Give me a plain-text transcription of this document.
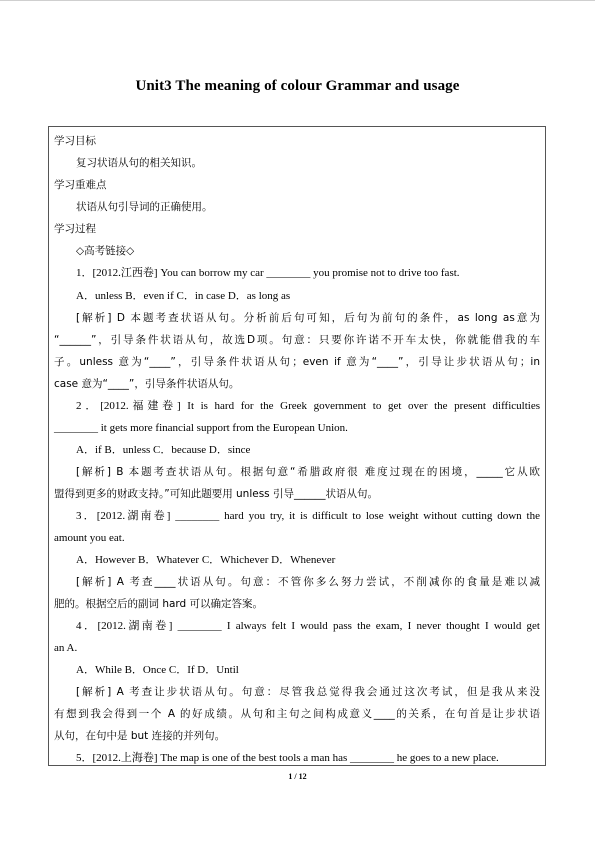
Unit3 The meaning of colour Grammar and usage
学习目标
复习状语从句的相关知识。
学习重难点
状语从句引导词的正确使用。
学习过程
◇高考链接◇
1．[2012.江西卷] You can borrow my car ________ you promise not to drive too fast.
A．unless B．even if C．in case D．as long as
[解析] D 本题考查状语从句。分析前后句可知，后句为前句的条件，as long as意为
“______”，引导条件状语从句，故选D项。句意：只要你许诺不开车太快，你就能借我的车
子。unless 意为“____”，引导条件状语从句；even if 意为“____”，引导让步状语从句；in
case 意为“____”，引导条件状语从句。
2．[2012.福建卷] It is hard for the Greek government to get over the present difficulties
________ it gets more financial support from the European Union.
A．if B．unless C．because D．since
[解析] B 本题考查状语从句。根据句意“希腊政府很 难度过现在的困境，_____它从欧
盟得到更多的财政支持。”可知此题要用 unless 引导______状语从句。
3．[2012.湖南卷] ________ hard you try, it is difficult to lose weight without cutting down the
amount you eat.
A．However B．Whatever C．Whichever D．Whenever
[解析] A 考查____状语从句。句意：不管你多么努力尝试，不削减你的食量是难以减
肥的。根据空后的副词 hard 可以确定答案。
4．[2012.湖南卷] ________ I always felt I would pass the exam, I never thought I would get
an A.
A．While B．Once C．If D．Until
[解析] A 考查让步状语从句。句意：尽管我总觉得我会通过这次考试，但是我从来没
有想到我会得到一个 A 的好成绩。从句和主句之间构成意义____的关系，在句首是让步状语
从句，在句中是 but 连接的并列句。
5．[2012.上海卷] The map is one of the best tools a man has ________ he goes to a new place.
1 / 12
